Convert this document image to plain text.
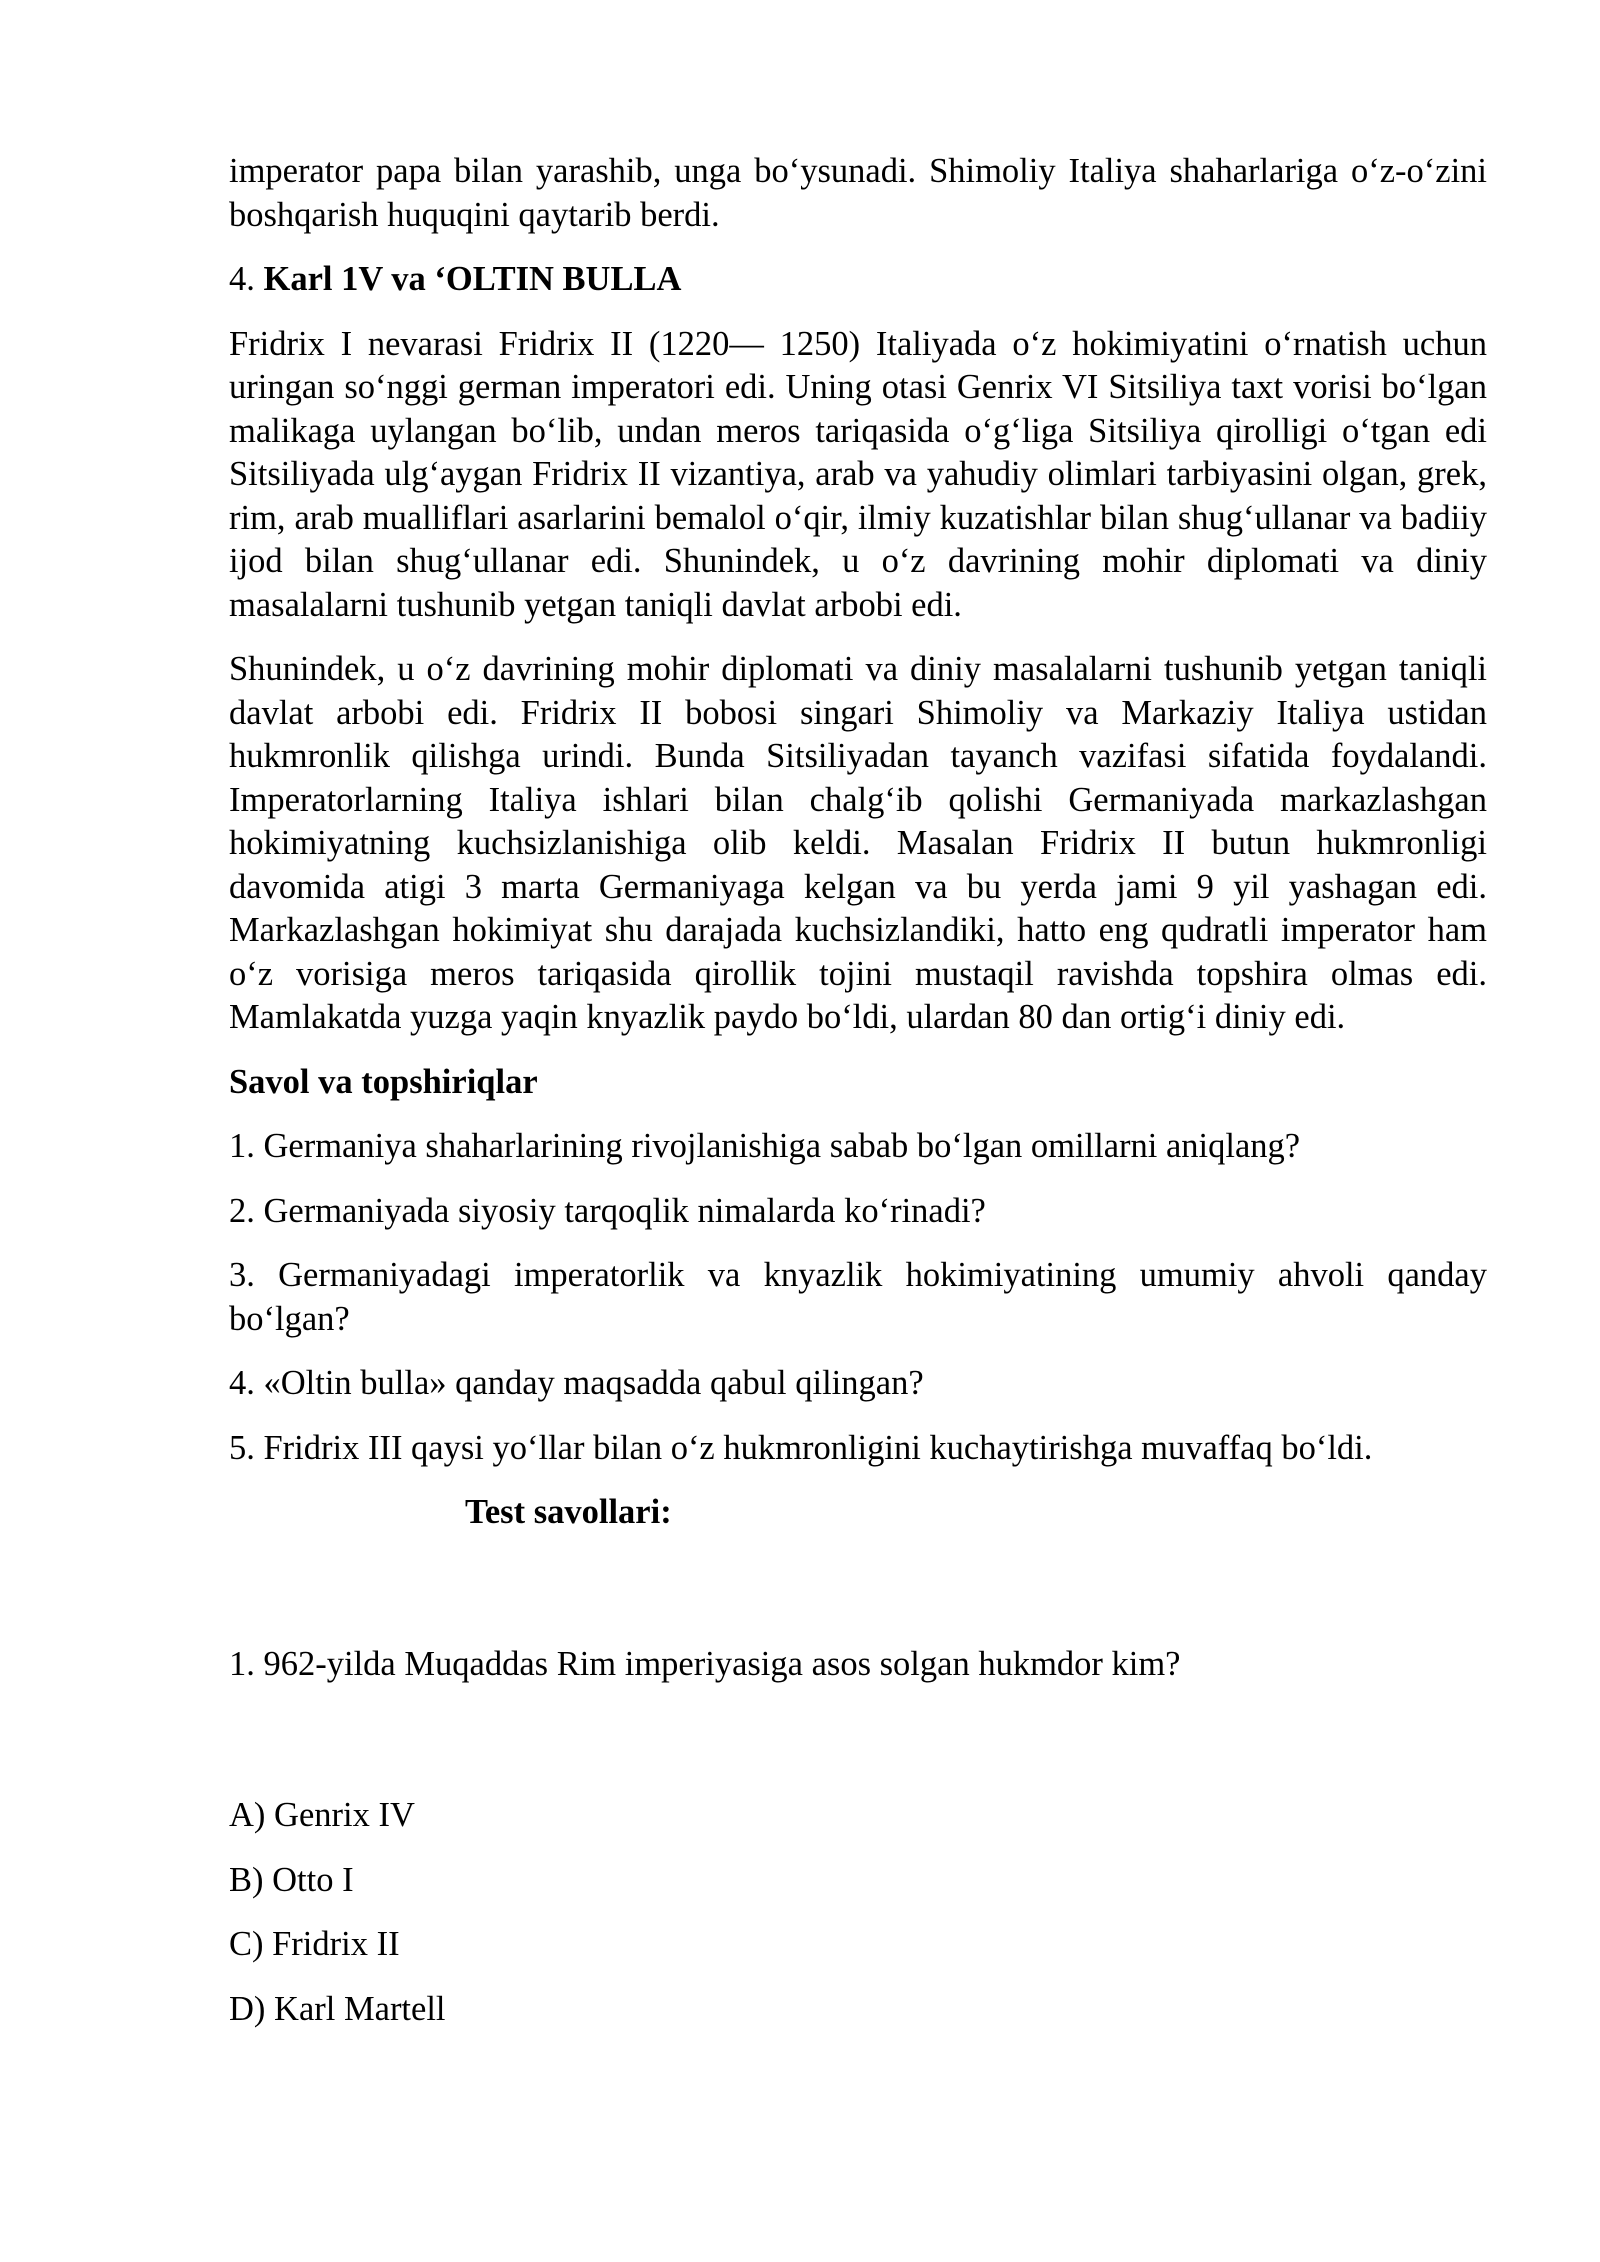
imperator papa bilan yarashib, unga bo‘ysunadi. Shimoliy Italiya shaharlariga o‘z-o‘zini boshqarish huquqini qaytarib berdi.

4. Karl 1V va ‘OLTIN BULLA

Fridrix I nevarasi Fridrix II (1220— 1250) Italiyada o‘z hokimiyatini o‘rnatish uchun uringan so‘nggi german imperatori edi. Uning otasi Genrix VI Sitsiliya taxt vorisi bo‘lgan malikaga uylangan bo‘lib, undan meros tariqasida o‘g‘liga Sitsiliya qirolligi o‘tgan edi Sitsiliyada ulg‘aygan Fridrix II vizantiya, arab va yahudiy olimlari tarbiyasini olgan, grek, rim, arab mualliflari asarlarini bemalol o‘qir, ilmiy kuzatishlar bilan shug‘ullanar va badiiy ijod bilan shug‘ullanar edi. Shunindek, u o‘z davrining mohir diplomati va diniy masalalarni tushunib yetgan taniqli davlat arbobi edi.

Shunindek, u o‘z davrining mohir diplomati va diniy masalalarni tushunib yetgan taniqli davlat arbobi edi. Fridrix II bobosi singari Shimoliy va Markaziy Italiya ustidan hukmronlik qilishga urindi. Bunda Sitsiliyadan tayanch vazifasi sifatida foydalandi. Imperatorlarning Italiya ishlari bilan chalg‘ib qolishi Germaniyada markazlashgan hokimiyatning kuchsizlanishiga olib keldi. Masalan Fridrix II butun hukmronligi davomida atigi 3 marta Germaniyaga kelgan va bu yerda jami 9 yil yashagan edi. Markazlashgan hokimiyat shu darajada kuchsizlandiki, hatto eng qudratli imperator ham o‘z vorisiga meros tariqasida qirollik tojini mustaqil ravishda topshira olmas edi. Mamlakatda yuzga yaqin knyazlik paydo bo‘ldi, ulardan 80 dan ortig‘i diniy edi.

Savol va topshiriqlar

1. Germaniya shaharlarining rivojlanishiga sabab bo‘lgan omillarni aniqlang?

2. Germaniyada siyosiy tarqoqlik nimalarda ko‘rinadi?

3. Germaniyadagi imperatorlik va knyazlik hokimiyatining umumiy ahvoli qanday bo‘lgan?

4. «Oltin bulla» qanday maqsadda qabul qilingan?

5. Fridrix III qaysi yo‘llar bilan o‘z hukmronligini kuchaytirishga muvaffaq bo‘ldi.

Test savollari:

1. 962-yilda Muqaddas Rim imperiyasiga asos solgan hukmdor kim?

A) Genrix IV

B) Otto I

C) Fridrix II

D) Karl Martell
